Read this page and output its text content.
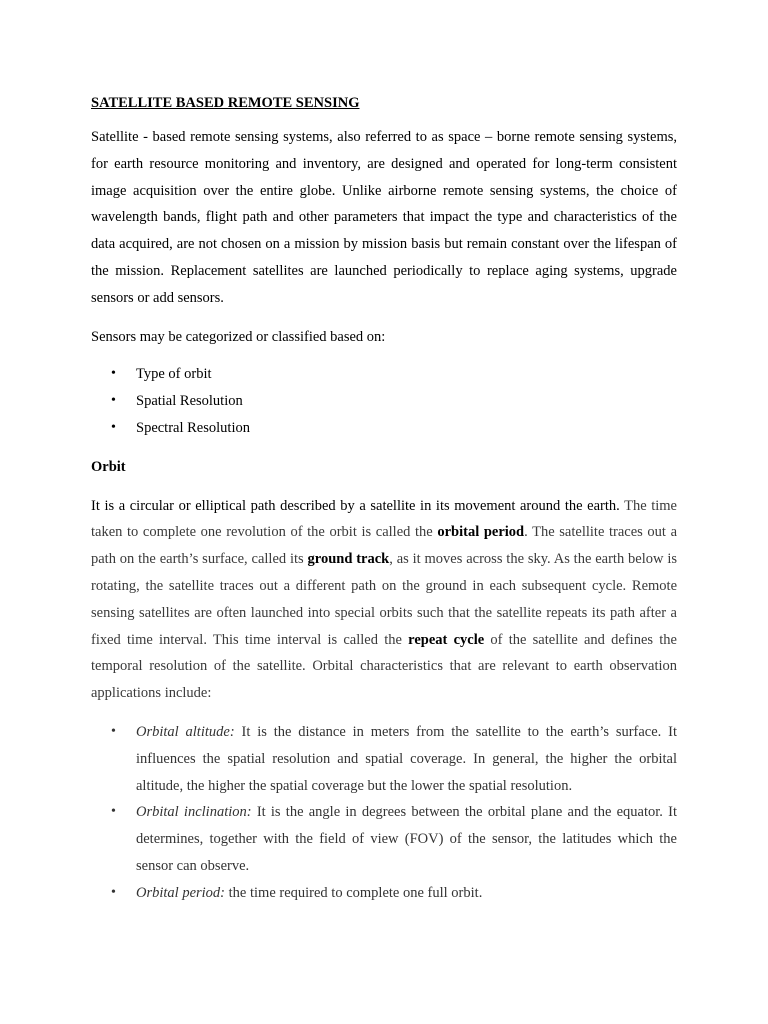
SATELLITE BASED REMOTE SENSING

Satellite - based remote sensing systems, also referred to as space – borne remote sensing systems, for earth resource monitoring and inventory, are designed and operated for long-term consistent image acquisition over the entire globe. Unlike airborne remote sensing systems, the choice of wavelength bands, flight path and other parameters that impact the type and characteristics of the data acquired, are not chosen on a mission by mission basis but remain constant over the lifespan of the mission. Replacement satellites are launched periodically to replace aging systems, upgrade sensors or add sensors.

Sensors may be categorized or classified based on:

• Type of orbit
• Spatial Resolution
• Spectral Resolution
Orbit

It is a circular or elliptical path described by a satellite in its movement around the earth. The time taken to complete one revolution of the orbit is called the orbital period. The satellite traces out a path on the earth’s surface, called its ground track, as it moves across the sky. As the earth below is rotating, the satellite traces out a different path on the ground in each subsequent cycle. Remote sensing satellites are often launched into special orbits such that the satellite repeats its path after a fixed time interval. This time interval is called the repeat cycle of the satellite and defines the temporal resolution of the satellite. Orbital characteristics that are relevant to earth observation applications include:

• Orbital altitude: It is the distance in meters from the satellite to the earth’s surface. It influences the spatial resolution and spatial coverage. In general, the higher the orbital altitude, the higher the spatial coverage but the lower the spatial resolution.
• Orbital inclination: It is the angle in degrees between the orbital plane and the equator. It determines, together with the field of view (FOV) of the sensor, the latitudes which the sensor can observe.
• Orbital period: the time required to complete one full orbit.
